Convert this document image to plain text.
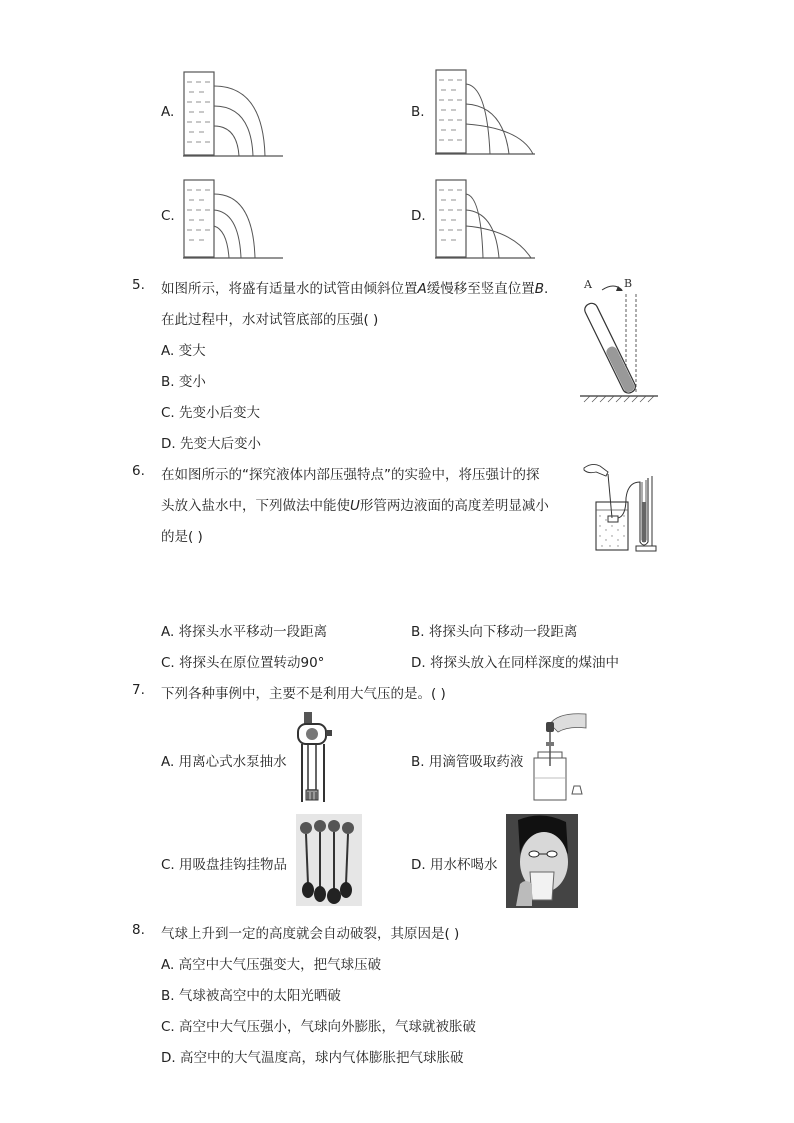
A.	B.
C.	D.
5. 如图所示，将盛有适量水的试管由倾斜位置A缓慢移至竖直位置B.
在此过程中，水对试管底部的压强( )
A. 变大
B. 变小
C. 先变小后变大
D. 先变大后变小
A	B
6. 在如图所示的“探究液体内部压强特点”的实验中，将压强计的探
头放入盐水中，下列做法中能使U形管两边液面的高度差明显减小
的是( )
A. 将探头水平移动一段距离	B. 将探头向下移动一段距离
C. 将探头在原位置转动90°	D. 将探头放入在同样深度的煤油中
7. 下列各种事例中，主要不是利用大气压的是。( )
A. 用离心式水泵抽水	B. 用滴管吸取药液
C. 用吸盘挂钩挂物品	D. 用水杯喝水
8. 气球上升到一定的高度就会自动破裂，其原因是( )
A. 高空中大气压强变大，把气球压破
B. 气球被高空中的太阳光晒破
C. 高空中大气压强小，气球向外膨胀，气球就被胀破
D. 高空中的大气温度高，球内气体膨胀把气球胀破
